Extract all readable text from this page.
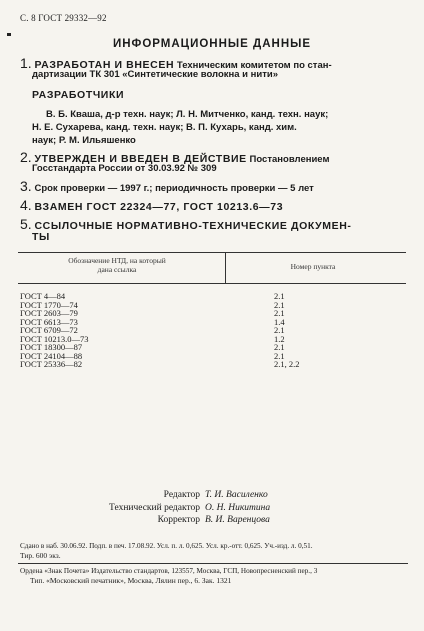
С. 8 ГОСТ 29332—92
ИНФОРМАЦИОННЫЕ ДАННЫЕ
1. РАЗРАБОТАН И ВНЕСЕН Техническим комитетом по стан-
дартизации ТК 301 «Синтетические волокна и нити»
РАЗРАБОТЧИКИ
В. Б. Кваша, д-р техн. наук; Л. Н. Митченко, канд. техн. наук;
Н. Е. Сухарева, канд. техн. наук; В. П. Кухарь, канд. хим.
наук; Р. М. Ильяшенко
2. УТВЕРЖДЕН И ВВЕДЕН В ДЕЙСТВИЕ Постановлением
Госстандарта России от 30.03.92 № 309
3. Срок проверки — 1997 г.; периодичность проверки — 5 лет
4. ВЗАМЕН ГОСТ 22324—77, ГОСТ 10213.6—73
5. ССЫЛОЧНЫЕ НОРМАТИВНО-ТЕХНИЧЕСКИЕ ДОКУМЕН-
ТЫ
Обозначение НТД, на который
дана ссылка	Номер пункта
ГОСТ 4—84	2.1
ГОСТ 1770—74	2.1
ГОСТ 2603—79	2.1
ГОСТ 6613—73	1.4
ГОСТ 6709—72	2.1
ГОСТ 10213.0—73	1.2
ГОСТ 18300—87	2.1
ГОСТ 24104—88	2.1
ГОСТ 25336—82	2.1, 2.2
Редактор Т. И. Василенко
Технический редактор О. Н. Никитина
Корректор В. И. Варенцова
Сдано в наб. 30.06.92. Подп. в печ. 17.08.92. Усл. п. л. 0,625. Усл. кр.-отт. 0,625. Уч.-изд. л. 0,51.
Тир. 600 экз.
Ордена «Знак Почета» Издательство стандартов, 123557, Москва, ГСП, Новопресненский пер., 3
Тип. «Московский печатник», Москва, Лялин пер., 6. Зак. 1321
